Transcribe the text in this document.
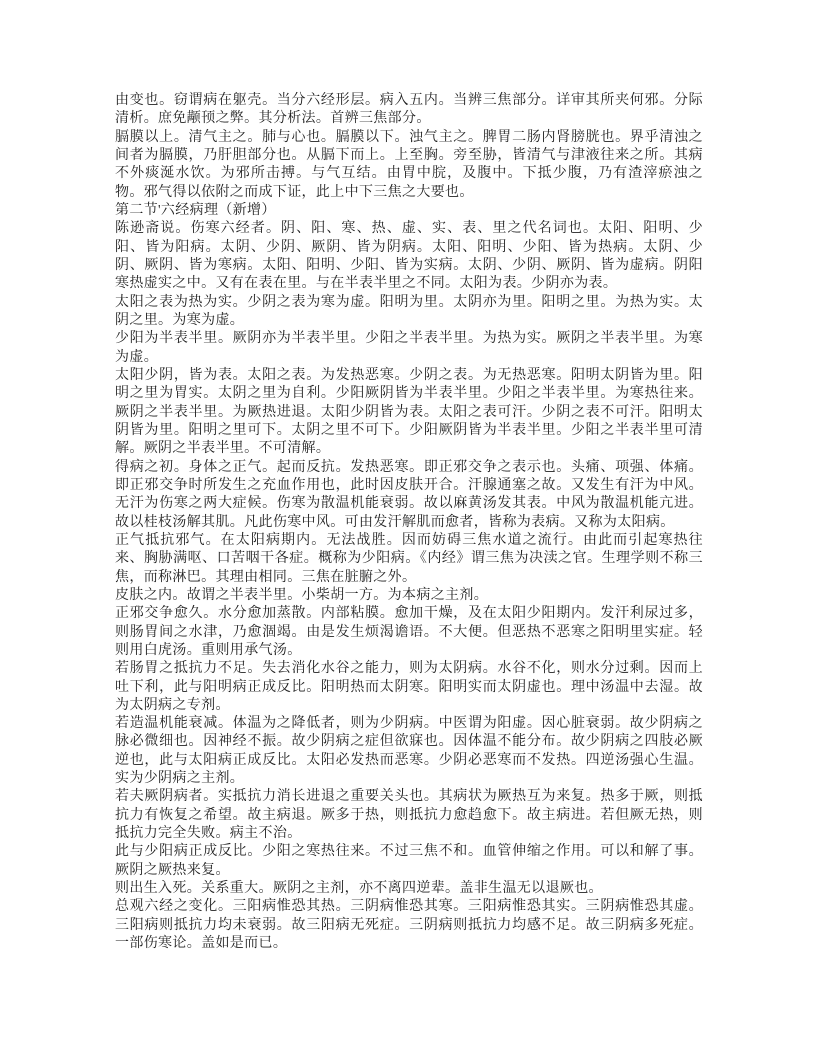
由变也。窃谓病在躯壳。当分六经形层。病入五内。当辨三焦部分。详审其所夹何邪。分际清析。庶免颟顸之弊。其分析法。首辨三焦部分。

膈膜以上。清气主之。肺与心也。膈膜以下。浊气主之。脾胃二肠内肾膀胱也。界乎清浊之间者为膈膜，乃肝胆部分也。从膈下而上。上至胸。旁至胁，皆清气与津液往来之所。其病不外痰涎水饮。为邪所击搏。与气互结。由胃中脘，及腹中。下抵少腹，乃有渣滓瘀浊之物。邪气得以依附之而成下证，此上中下三焦之大要也。

第二节'六经病理（新增）

陈逊斋说。伤寒六经者。阴、阳、寒、热、虚、实、表、里之代名词也。太阳、阳明、少阳、皆为阳病。太阴、少阴、厥阴、皆为阴病。太阳、阳明、少阳、皆为热病。太阴、少阴、厥阴、皆为寒病。太阳、阳明、少阳、皆为实病。太阴、少阴、厥阴、皆为虚病。阴阳寒热虚实之中。又有在表在里。与在半表半里之不同。太阳为表。少阴亦为表。

太阳之表为热为实。少阴之表为寒为虚。阳明为里。太阴亦为里。阳明之里。为热为实。太阴之里。为寒为虚。

少阳为半表半里。厥阴亦为半表半里。少阳之半表半里。为热为实。厥阴之半表半里。为寒为虚。

太阳少阴，皆为表。太阳之表。为发热恶寒。少阴之表。为无热恶寒。阳明太阴皆为里。阳明之里为胃实。太阴之里为自利。少阳厥阴皆为半表半里。少阳之半表半里。为寒热往来。厥阴之半表半里。为厥热进退。太阳少阴皆为表。太阳之表可汗。少阴之表不可汗。阳明太阴皆为里。阳明之里可下。太阴之里不可下。少阳厥阴皆为半表半里。少阳之半表半里可清解。厥阴之半表半里。不可清解。

得病之初。身体之正气。起而反抗。发热恶寒。即正邪交争之表示也。头痛、项强、体痛。即正邪交争时所发生之充血作用也，此时因皮肤开合。汗腺通塞之故。又发生有汗为中风。无汗为伤寒之两大症候。伤寒为散温机能衰弱。故以麻黄汤发其表。中风为散温机能亢进。故以桂枝汤解其肌。凡此伤寒中风。可由发汗解肌而愈者，皆称为表病。又称为太阳病。

正气抵抗邪气。在太阳病期内。无法战胜。因而妨碍三焦水道之流行。由此而引起寒热往来、胸胁满呕、口苦咽干各症。概称为少阳病。《内经》谓三焦为决渎之官。生理学则不称三焦，而称淋巴。其理由相同。三焦在脏腑之外。

皮肤之内。故谓之半表半里。小柴胡一方。为本病之主剂。

正邪交争愈久。水分愈加蒸散。内部粘膜。愈加干燥，及在太阳少阳期内。发汗利尿过多，则肠胃间之水津，乃愈涸竭。由是发生烦渴谵语。不大便。但恶热不恶寒之阳明里实症。轻则用白虎汤。重则用承气汤。

若肠胃之抵抗力不足。失去消化水谷之能力，则为太阴病。水谷不化，则水分过剩。因而上吐下利，此与阳明病正成反比。阳明热而太阴寒。阳明实而太阴虚也。理中汤温中去湿。故为太阴病之专剂。

若造温机能衰减。体温为之降低者，则为少阴病。中医谓为阳虚。因心脏衰弱。故少阴病之脉必微细也。因神经不振。故少阴病之症但欲寐也。因体温不能分布。故少阴病之四肢必厥逆也，此与太阳病正成反比。太阳必发热而恶寒。少阴必恶寒而不发热。四逆汤强心生温。实为少阴病之主剂。

若夫厥阴病者。实抵抗力消长进退之重要关头也。其病状为厥热互为来复。热多于厥，则抵抗力有恢复之希望。故主病退。厥多于热，则抵抗力愈趋愈下。故主病进。若但厥无热，则抵抗力完全失败。病主不治。

此与少阳病正成反比。少阳之寒热往来。不过三焦不和。血管伸缩之作用。可以和解了事。厥阴之厥热来复。

则出生入死。关系重大。厥阴之主剂，亦不离四逆辈。盖非生温无以退厥也。

总观六经之变化。三阳病惟恐其热。三阴病惟恐其寒。三阳病惟恐其实。三阴病惟恐其虚。三阳病则抵抗力均未衰弱。故三阳病无死症。三阴病则抵抗力均感不足。故三阴病多死症。一部伤寒论。盖如是而已。
